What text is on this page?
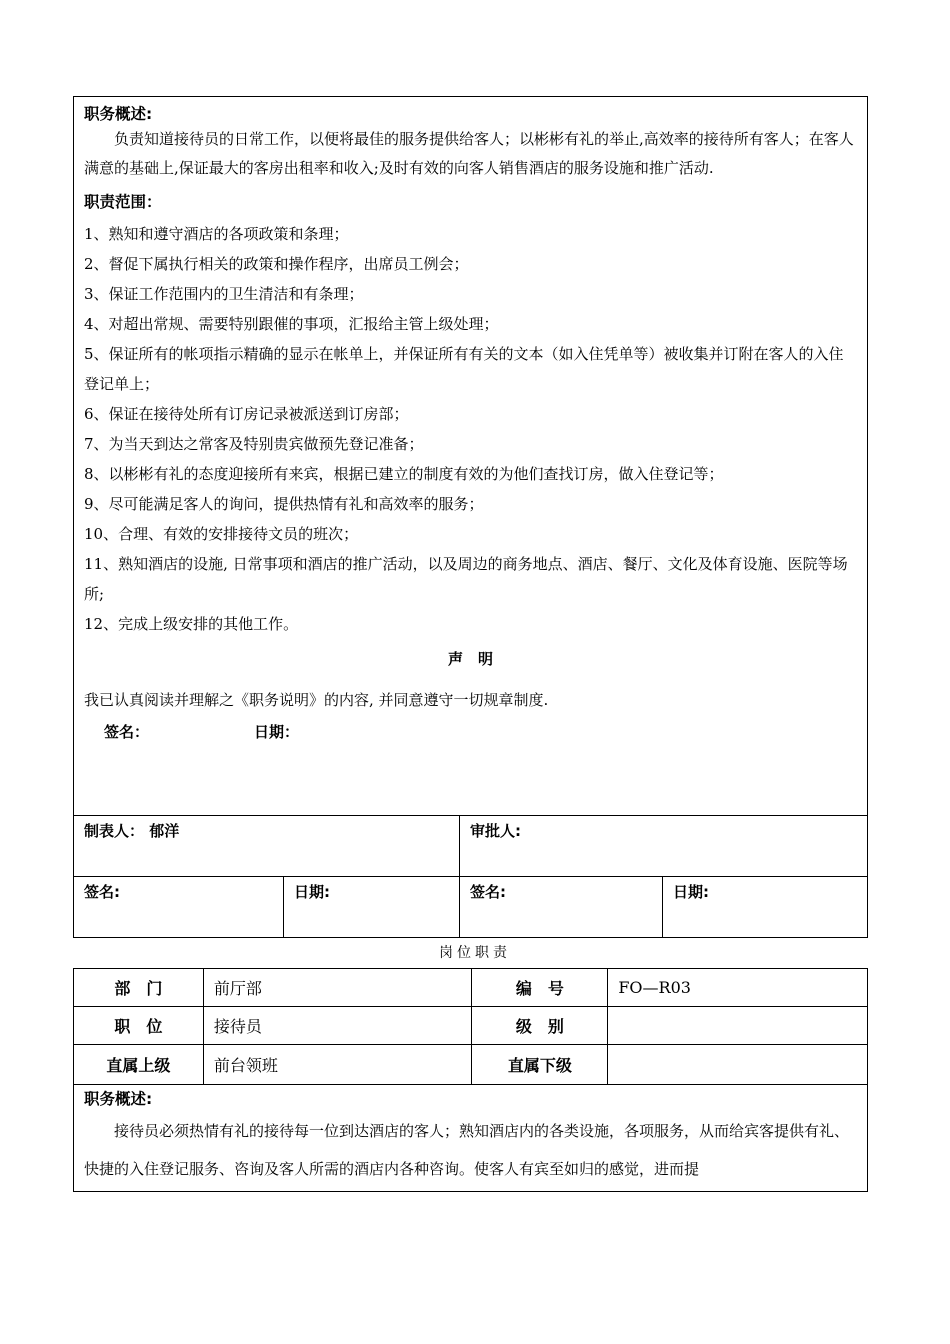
职务概述:

负责知道接待员的日常工作，以便将最佳的服务提供给客人；以彬彬有礼的举止,高效率的接待所有客人；在客人满意的基础上,保证最大的客房出租率和收入;及时有效的向客人销售酒店的服务设施和推广活动.

职责范围：

1、熟知和遵守酒店的各项政策和条理；
2、督促下属执行相关的政策和操作程序，出席员工例会；
3、保证工作范围内的卫生清洁和有条理；
4、对超出常规、需要特别跟催的事项，汇报给主管上级处理；
5、保证所有的帐项指示精确的显示在帐单上，并保证所有有关的文本（如入住凭单等）被收集并订附在客人的入住登记单上；
6、保证在接待处所有订房记录被派送到订房部；
7、为当天到达之常客及特别贵宾做预先登记准备；
8、以彬彬有礼的态度迎接所有来宾，根据已建立的制度有效的为他们查找订房，做入住登记等；
9、尽可能满足客人的询问，提供热情有礼和高效率的服务；
10、合理、有效的安排接待文员的班次；
11、熟知酒店的设施, 日常事项和酒店的推广活动，以及周边的商务地点、酒店、餐厅、文化及体育设施、医院等场所;
12、完成上级安排的其他工作。
声　明
我已认真阅读并理解之《职务说明》的内容, 并同意遵守一切规章制度.
签名：	日期：
制表人： 郁洋	审批人:
签名:	日期:	签名:	日期:
岗位职责
部　门	前厅部	编　号	FO—R03
职　位	接待员	级　别	
直属上级	前台领班	直属下级	

职务概述:

接待员必须热情有礼的接待每一位到达酒店的客人；熟知酒店内的各类设施，各项服务，从而给宾客提供有礼、快捷的入住登记服务、咨询及客人所需的酒店内各种咨询。使客人有宾至如归的感觉，进而提
